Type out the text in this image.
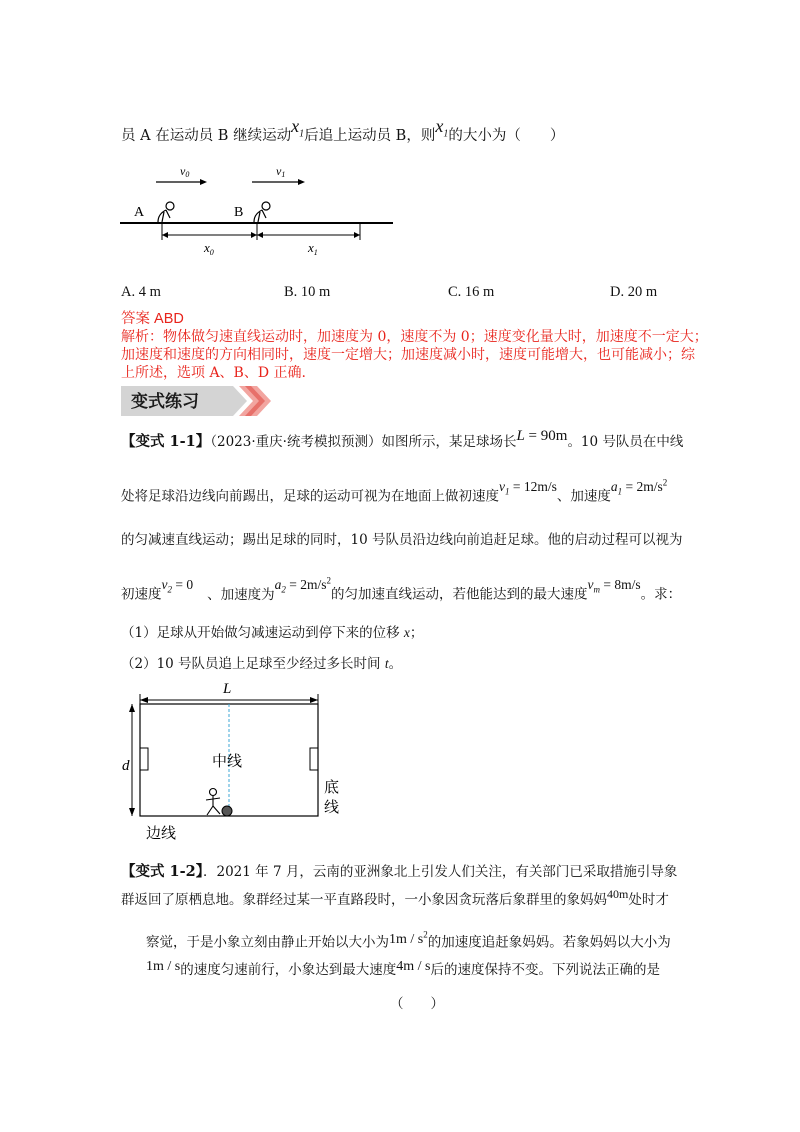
员 A 在运动员 B 继续运动$x_1$后追上运动员 B，则$x_1$的大小为（　　）
v0	v1
A	B
$x_0$	$x_1$
A. 4 m	B. 10 m	C. 16 m	D. 20 m
答案 ABD
解析：物体做匀速直线运动时，加速度为 0，速度不为 0；速度变化量大时，加速度不一定大；
加速度和速度的方向相同时，速度一定增大；加速度减小时，速度可能增大，也可能减小；综
上所述，选项 A、B、D 正确.
变式练习
【变式 1-1】（2023·重庆·统考模拟预测）如图所示，某足球场长L = 90m。10 号队员在中线
处将足球沿边线向前踢出，足球的运动可视为在地面上做初速度$v_1 = 12m/s$、加速度$a_1 = 2m/s^2$
的匀减速直线运动；踢出足球的同时，10 号队员沿边线向前追赶足球。他的启动过程可以视为
初速度$v_2 = 0$、加速度为$a_2 = 2m/s^2$的匀加速直线运动，若他能达到的最大速度$v_m = 8m/s$。求：
（1）足球从开始做匀减速运动到停下来的位移 x；
（2）10 号队员追上足球至少经过多长时间 t。
L
d	中线
底
线
边线
【变式 1-2】．2021 年 7 月，云南的亚洲象北上引发人们关注，有关部门已采取措施引导象
群返回了原栖息地。象群经过某一平直路段时，一小象因贪玩落后象群里的象妈妈40m处时才
察觉，于是小象立刻由静止开始以大小为$1m / s^2$的加速度追赶象妈妈。若象妈妈以大小为
1m / s的速度匀速前行，小象达到最大速度4m / s后的速度保持不变。下列说法正确的是
（　　）
